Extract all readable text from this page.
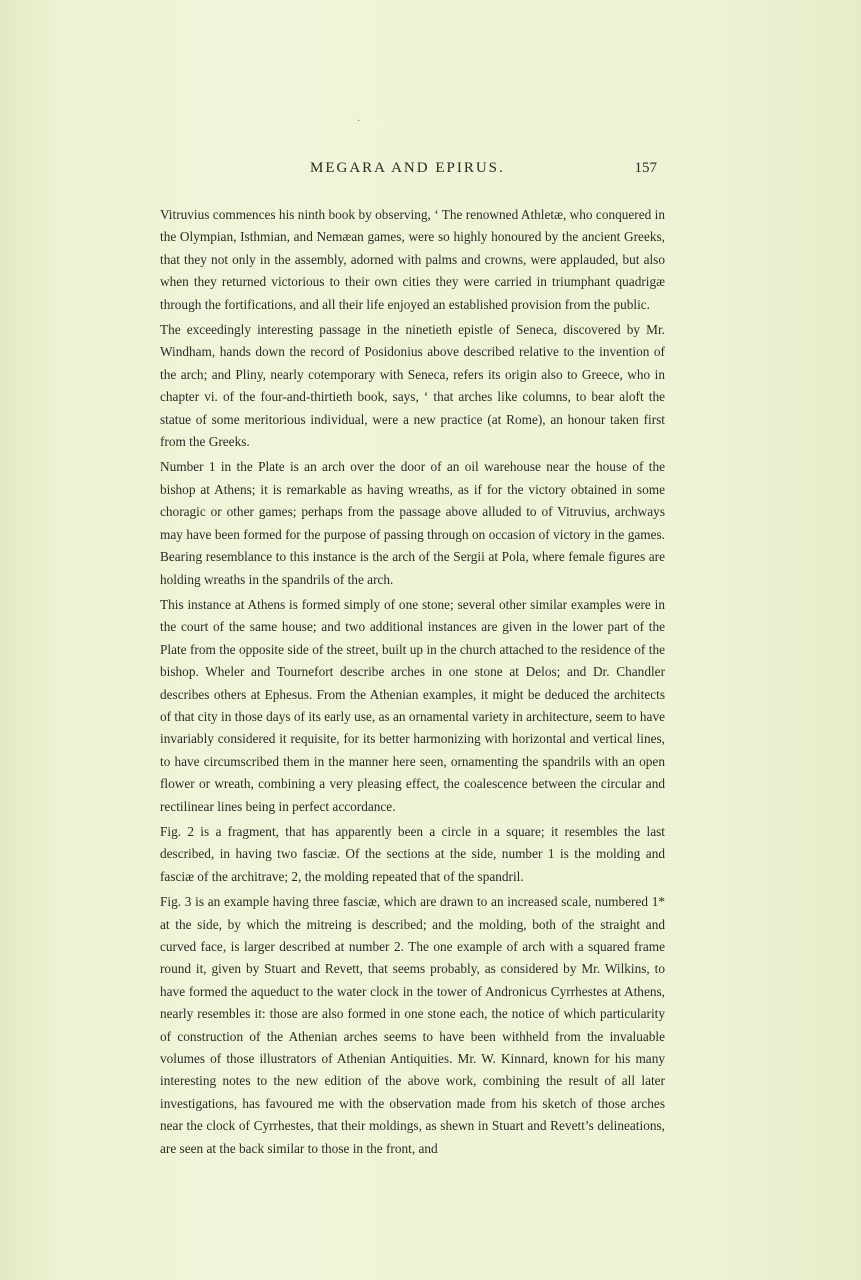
·
MEGARA AND EPIRUS.	157

Vitruvius commences his ninth book by observing, ‘ The renowned Athletæ, who conquered in the Olympian, Isthmian, and Nemæan games, were so highly honoured by the ancient Greeks, that they not only in the assembly, adorned with palms and crowns, were applauded, but also when they returned victorious to their own cities they were carried in triumphant quadrigæ through the fortifications, and all their life enjoyed an established provision from the public.

The exceedingly interesting passage in the ninetieth epistle of Seneca, discovered by Mr. Windham, hands down the record of Posidonius above described relative to the invention of the arch; and Pliny, nearly cotemporary with Seneca, refers its origin also to Greece, who in chapter vi. of the four-and-thirtieth book, says, ‘ that arches like columns, to bear aloft the statue of some meritorious individual, were a new practice (at Rome), an honour taken first from the Greeks.

Number 1 in the Plate is an arch over the door of an oil warehouse near the house of the bishop at Athens; it is remarkable as having wreaths, as if for the victory obtained in some choragic or other games; perhaps from the passage above alluded to of Vitruvius, archways may have been formed for the purpose of passing through on occasion of victory in the games. Bearing resemblance to this instance is the arch of the Sergii at Pola, where female figures are holding wreaths in the spandrils of the arch.

This instance at Athens is formed simply of one stone; several other similar examples were in the court of the same house; and two additional instances are given in the lower part of the Plate from the opposite side of the street, built up in the church attached to the residence of the bishop. Wheler and Tournefort describe arches in one stone at Delos; and Dr. Chandler describes others at Ephesus. From the Athenian examples, it might be deduced the architects of that city in those days of its early use, as an ornamental variety in architecture, seem to have invariably considered it requisite, for its better harmonizing with horizontal and vertical lines, to have circumscribed them in the manner here seen, ornamenting the spandrils with an open flower or wreath, combining a very pleasing effect, the coalescence between the circular and rectilinear lines being in perfect accordance.

Fig. 2 is a fragment, that has apparently been a circle in a square; it resembles the last described, in having two fasciæ. Of the sections at the side, number 1 is the molding and fasciæ of the architrave; 2, the molding repeated that of the spandril.

Fig. 3 is an example having three fasciæ, which are drawn to an increased scale, numbered 1* at the side, by which the mitreing is described; and the molding, both of the straight and curved face, is larger described at number 2. The one example of arch with a squared frame round it, given by Stuart and Revett, that seems probably, as considered by Mr. Wilkins, to have formed the aqueduct to the water clock in the tower of Andronicus Cyrrhestes at Athens, nearly resembles it: those are also formed in one stone each, the notice of which particularity of construction of the Athenian arches seems to have been withheld from the invaluable volumes of those illustrators of Athenian Antiquities. Mr. W. Kinnard, known for his many interesting notes to the new edition of the above work, combining the result of all later investigations, has favoured me with the observation made from his sketch of those arches near the clock of Cyrrhestes, that their moldings, as shewn in Stuart and Revett’s delineations, are seen at the back similar to those in the front, and
